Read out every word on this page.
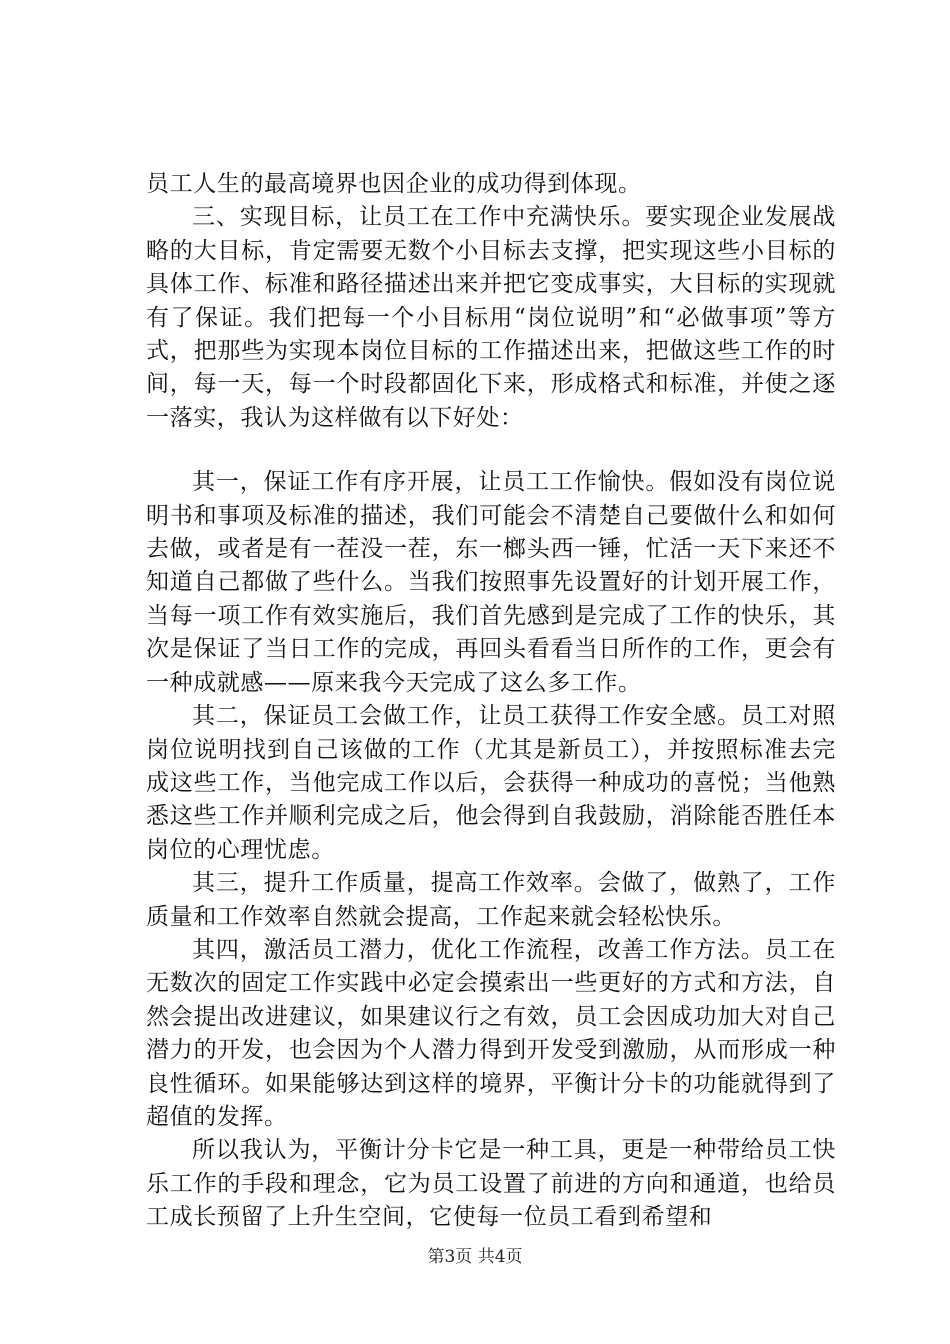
员工人生的最高境界也因企业的成功得到体现。

三、实现目标，让员工在工作中充满快乐。要实现企业发展战略的大目标，肯定需要无数个小目标去支撑，把实现这些小目标的具体工作、标准和路径描述出来并把它变成事实，大目标的实现就有了保证。我们把每一个小目标用“岗位说明”和“必做事项”等方式，把那些为实现本岗位目标的工作描述出来，把做这些工作的时间，每一天，每一个时段都固化下来，形成格式和标准，并使之逐一落实，我认为这样做有以下好处：

其一，保证工作有序开展，让员工工作愉快。假如没有岗位说明书和事项及标准的描述，我们可能会不清楚自己要做什么和如何去做，或者是有一茬没一茬，东一榔头西一锤，忙活一天下来还不知道自己都做了些什么。当我们按照事先设置好的计划开展工作，当每一项工作有效实施后，我们首先感到是完成了工作的快乐，其次是保证了当日工作的完成，再回头看看当日所作的工作，更会有一种成就感——原来我今天完成了这么多工作。

其二，保证员工会做工作，让员工获得工作安全感。员工对照岗位说明找到自己该做的工作（尤其是新员工），并按照标准去完成这些工作，当他完成工作以后，会获得一种成功的喜悦；当他熟悉这些工作并顺利完成之后，他会得到自我鼓励，消除能否胜任本岗位的心理忧虑。

其三，提升工作质量，提高工作效率。会做了，做熟了，工作质量和工作效率自然就会提高，工作起来就会轻松快乐。

其四，激活员工潜力，优化工作流程，改善工作方法。员工在无数次的固定工作实践中必定会摸索出一些更好的方式和方法，自然会提出改进建议，如果建议行之有效，员工会因成功加大对自己潜力的开发，也会因为个人潜力得到开发受到激励，从而形成一种良性循环。如果能够达到这样的境界，平衡计分卡的功能就得到了超值的发挥。

所以我认为，平衡计分卡它是一种工具，更是一种带给员工快乐工作的手段和理念，它为员工设置了前进的方向和通道，也给员工成长预留了上升生空间，它使每一位员工看到希望和

第3页 共4页
